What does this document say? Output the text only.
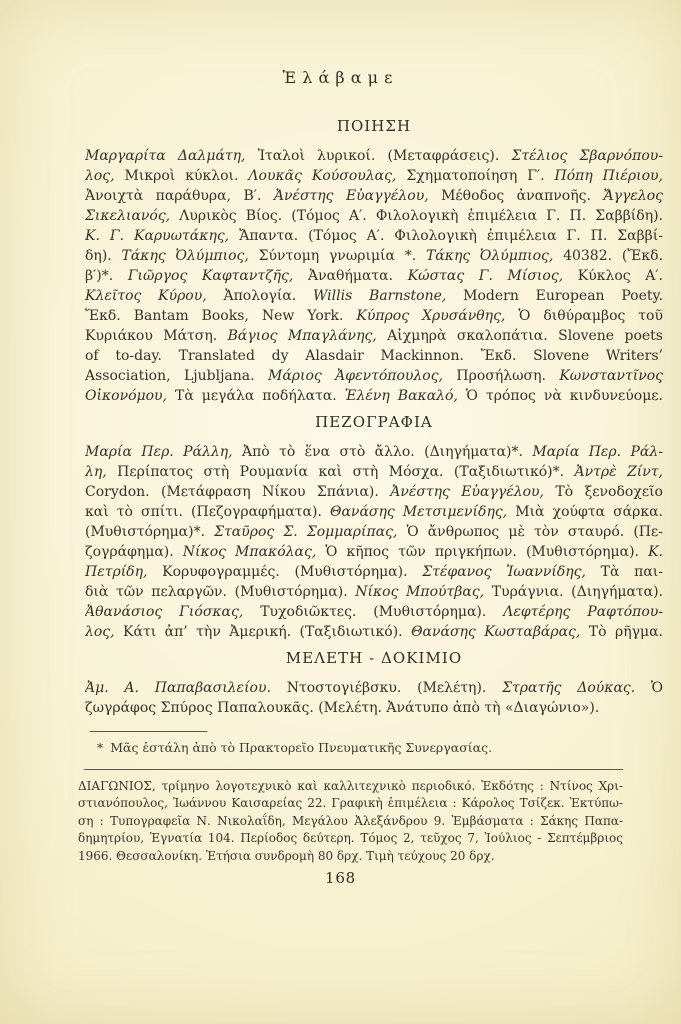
Ἐλάβαμε
ΠΟΙΗΣΗ
Μαργαρίτα Δαλμάτη, Ἰταλοὶ λυρικοί. (Μεταφράσεις). Στέλιος Σβαρνόπου-
λος, Μικροὶ κύκλοι. Λουκᾶς Κούσουλας, Σχηματοποίηση Γ′. Πόπη Πιέριου,
Ἀνοιχτὰ παράθυρα, Β′. Ἀνέστης Εὐαγγέλου, Μέθοδος ἀναπνοῆς. Ἄγγελος
Σικελιανός, Λυρικὸς Βίος. (Τόμος Α′. Φιλολογικὴ ἐπιμέλεια Γ. Π. Σαββίδη).
Κ. Γ. Καρυωτάκης, Ἄπαντα. (Τόμος Α′. Φιλολογικὴ ἐπιμέλεια Γ. Π. Σαββί-
δη). Τάκης Ὀλύμπιος, Σύντομη γνωριμία *. Τάκης Ὀλύμπιος, 40382. (Ἔκδ.
β′)*. Γιῶργος Καφταντζῆς, Ἀναθήματα. Κώστας Γ. Μίσιος, Κύκλος Α′.
Κλεῖτος Κύρου, Ἀπολογία. Willis Barnstone, Modern European Poety.
Ἔκδ. Bantam Books, New York. Κύπρος Χρυσάνθης, Ὁ διθύραμβος τοῦ
Κυριάκου Μάτση. Βάγιος Μπαγλάνης, Αἰχμηρὰ σκαλοπάτια. Slovene poets
of to-day. Translated dy Alasdair Mackinnon. Ἔκδ. Slovene Writers’
Association, Ljubljana. Μάριος Ἀφεντόπουλος, Προσήλωση. Κωνσταντῖνος
Οἰκονόμου, Τὰ μεγάλα ποδήλατα. Ἑλένη Βακαλό, Ὁ τρόπος νὰ κινδυνεύομε.
ΠΕΖΟΓΡΑΦΙΑ
Μαρία Περ. Ράλλη, Ἀπὸ τὸ ἕνα στὸ ἄλλο. (Διηγήματα)*. Μαρία Περ. Ράλ-
λη, Περίπατος στὴ Ρουμανία καὶ στὴ Μόσχα. (Ταξιδιωτικό)*. Ἀντρὲ Ζίντ,
Corydon. (Μετάφραση Νίκου Σπάνια). Ἀνέστης Εὐαγγέλου, Τὸ ξενοδοχεῖο
καὶ τὸ σπίτι. (Πεζογραφήματα). Θανάσης Μετσιμενίδης, Μιὰ χούφτα σάρκα.
(Μυθιστόρημα)*. Σταῦρος Σ. Σομμαρίπας, Ὁ ἄνθρωπος μὲ τὸν σταυρό. (Πε-
ζογράφημα). Νίκος Μπακόλας, Ὁ κῆπος τῶν πριγκήπων. (Μυθιστόρημα). Κ.
Πετρίδη, Κορυφογραμμές. (Μυθιστόρημα). Στέφανος Ἰωαννίδης, Τὰ παι-
διὰ τῶν πελαργῶν. (Μυθιστόρημα). Νίκος Μπούτβας, Τυράγνια. (Διηγήματα).
Ἀθανάσιος Γιόσκας, Τυχοδιῶκτες. (Μυθιστόρημα). Λεφτέρης Ραφτόπου-
λος, Κάτι ἀπ’ τὴν Ἀμερική. (Ταξιδιωτικό). Θανάσης Κωσταβάρας, Τὸ ρῆγμα.
ΜΕΛΕΤΗ - ΔΟΚΙΜΙΟ
Ἀμ. Α. Παπαβασιλείου. Ντοστογιέβσκυ. (Μελέτη). Στρατῆς Δούκας. Ὁ
ζωγράφος Σπύρος Παπαλουκᾶς. (Μελέτη. Ἀνάτυπο ἀπὸ τὴ «Διαγώνιο»).
* Μᾶς ἐστάλη ἀπὸ τὸ Πρακτορεῖο Πνευματικῆς Συνεργασίας.
ΔΙΑΓΩΝΙΟΣ, τρίμηνο λογοτεχνικὸ καὶ καλλιτεχνικὸ περιοδικό. Ἐκδότης : Ντίνος Χρι-
στιανόπουλος, Ἰωάννου Καισαρείας 22. Γραφικὴ ἐπιμέλεια : Κάρολος Τσίζεκ. Ἐκτύπω-
ση : Τυπογραφεῖα Ν. Νικολαΐδη, Μεγάλου Ἀλεξάνδρου 9. Ἐμβάσματα : Σάκης Παπα-
δημητρίου, Ἐγνατία 104. Περίοδος δεύτερη. Τόμος 2, τεῦχος 7, Ἰούλιος - Σεπτέμβριος
1966. Θεσσαλονίκη. Ἐτήσια συνδρομὴ 80 δρχ. Τιμὴ τεύχους 20 δρχ.
168
